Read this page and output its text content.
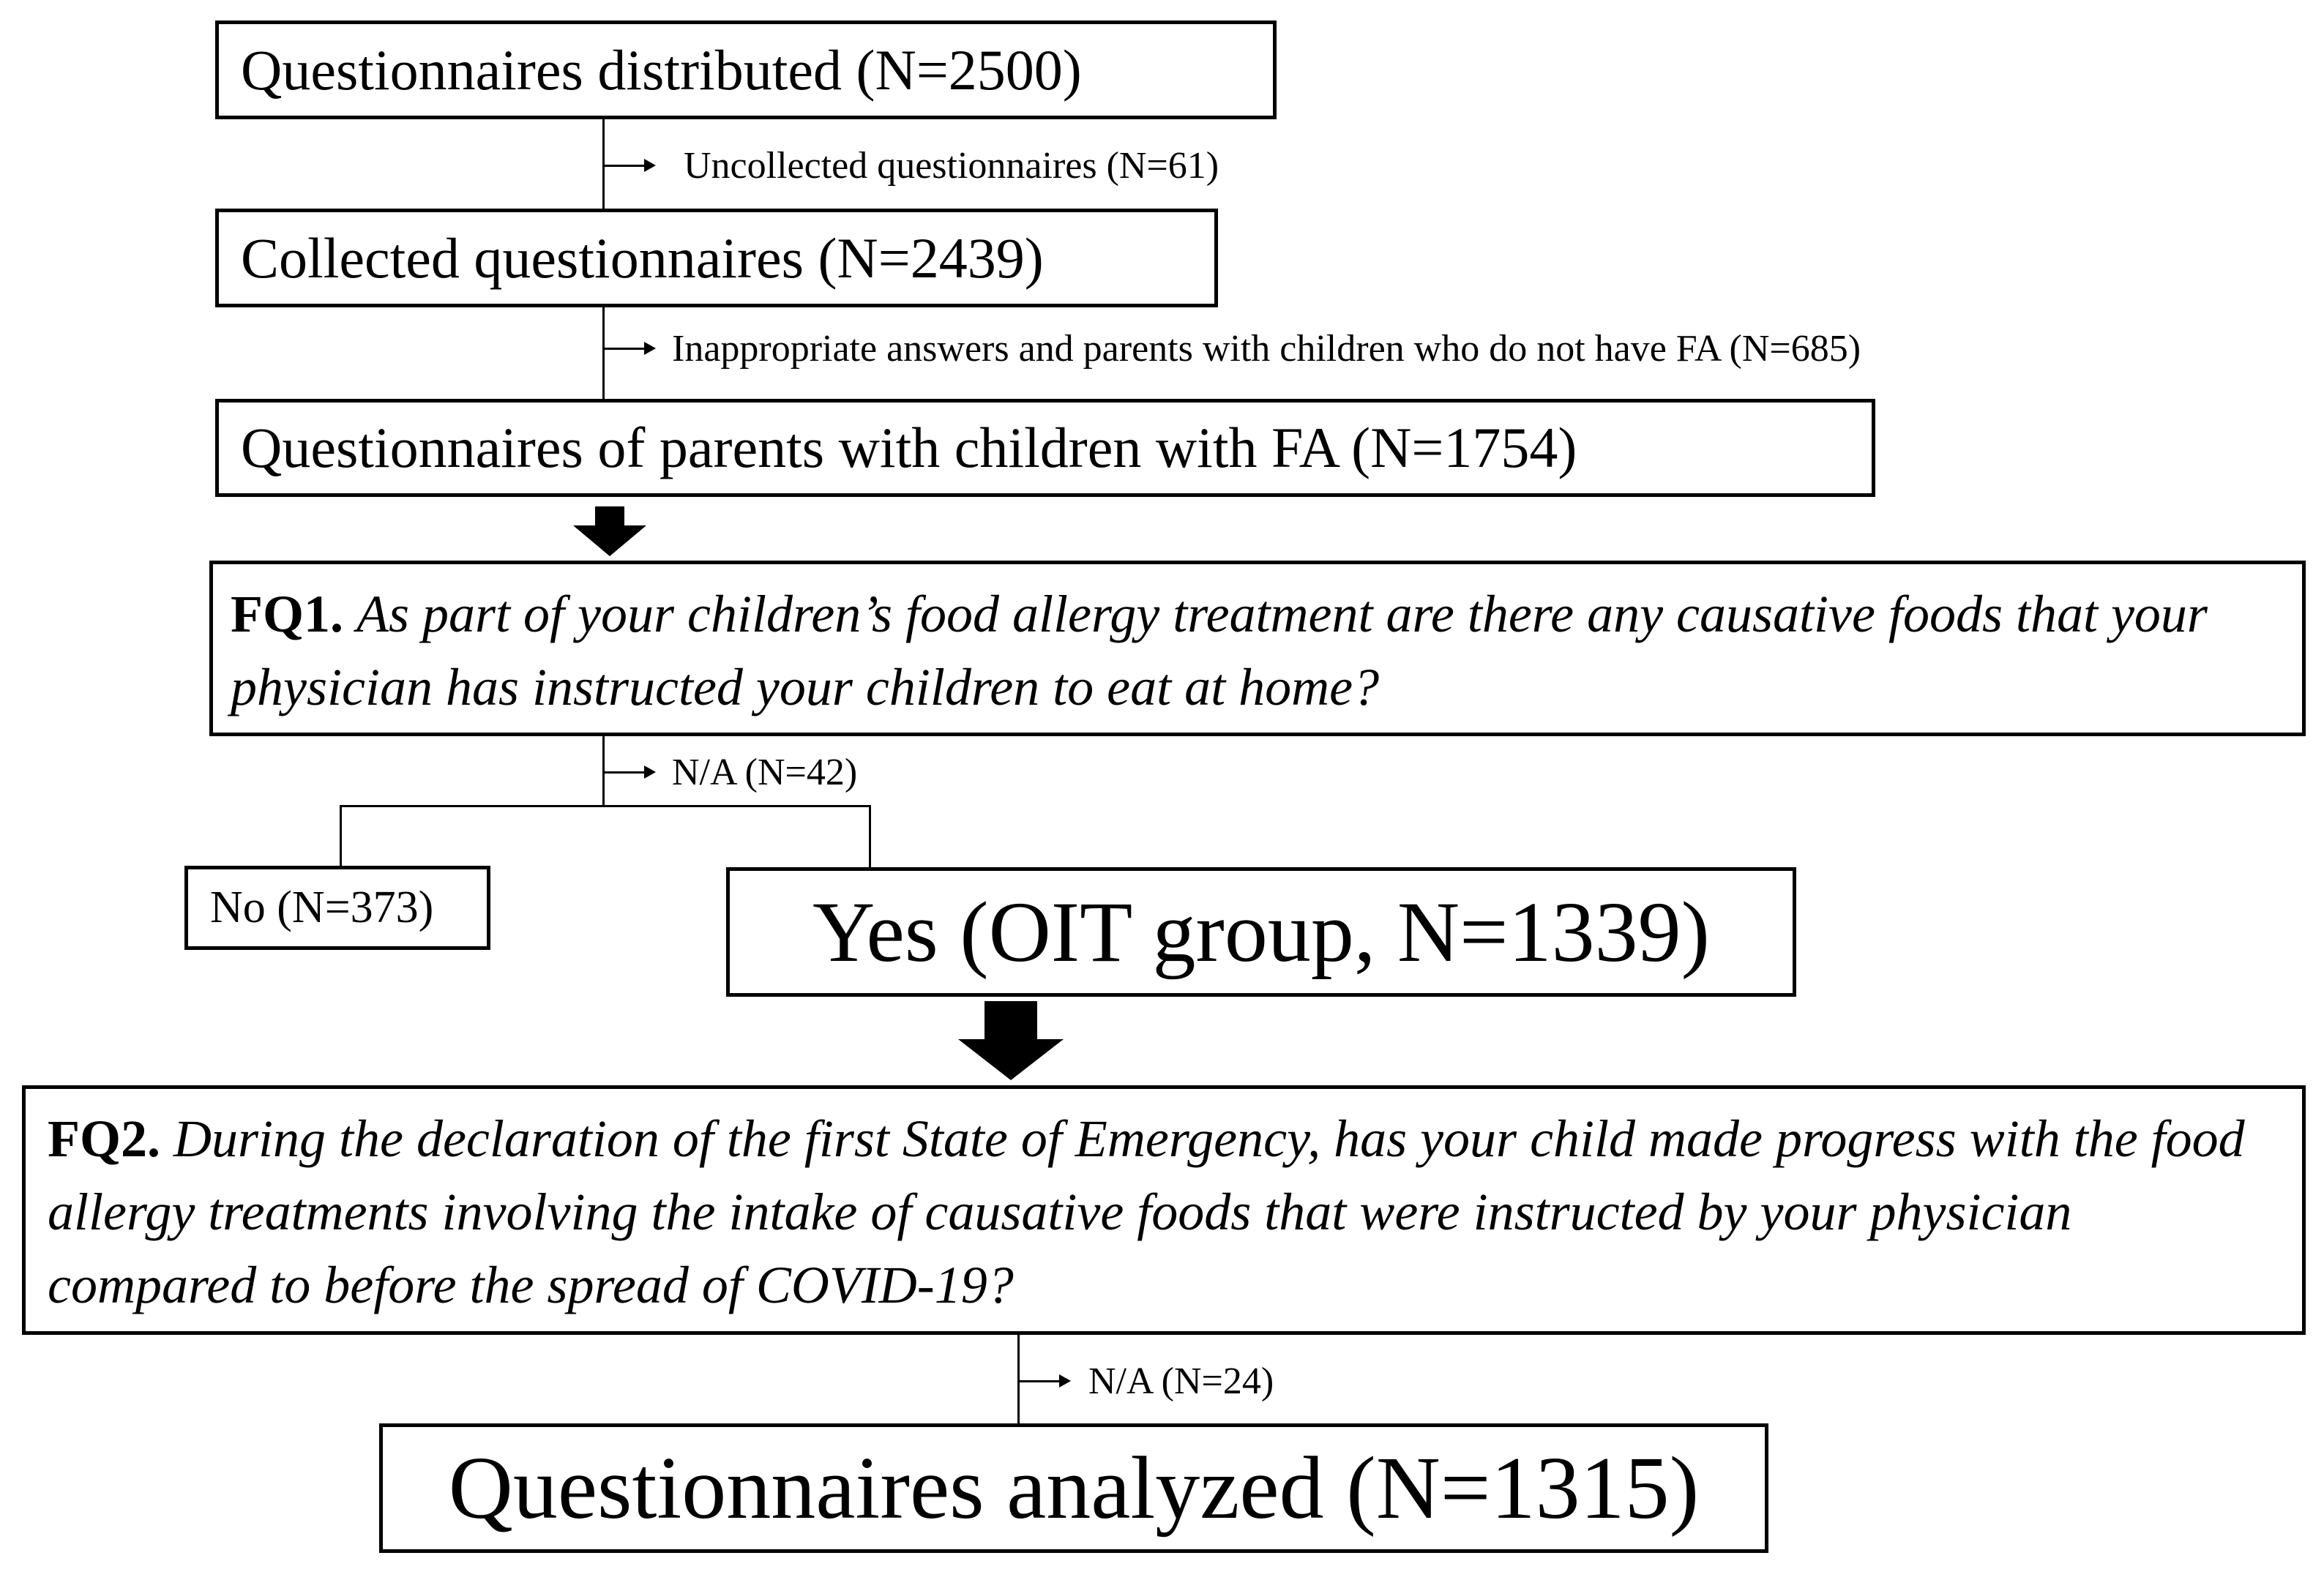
Questionnaires distributed (N=2500)
Uncollected questionnaires (N=61)
Collected questionnaires (N=2439)
Inappropriate answers and parents with children who do not have FA (N=685)
Questionnaires of parents with children with FA (N=1754)
FQ1. As part of your children’s food allergy treatment are there any causative foods that your physician has instructed your children to eat at home?
N/A (N=42)
No (N=373)	Yes (OIT group, N=1339)
FQ2. During the declaration of the first State of Emergency, has your child made progress with the food allergy treatments involving the intake of causative foods that were instructed by your physician compared to before the spread of COVID-19?
N/A (N=24)
Questionnaires analyzed (N=1315)
